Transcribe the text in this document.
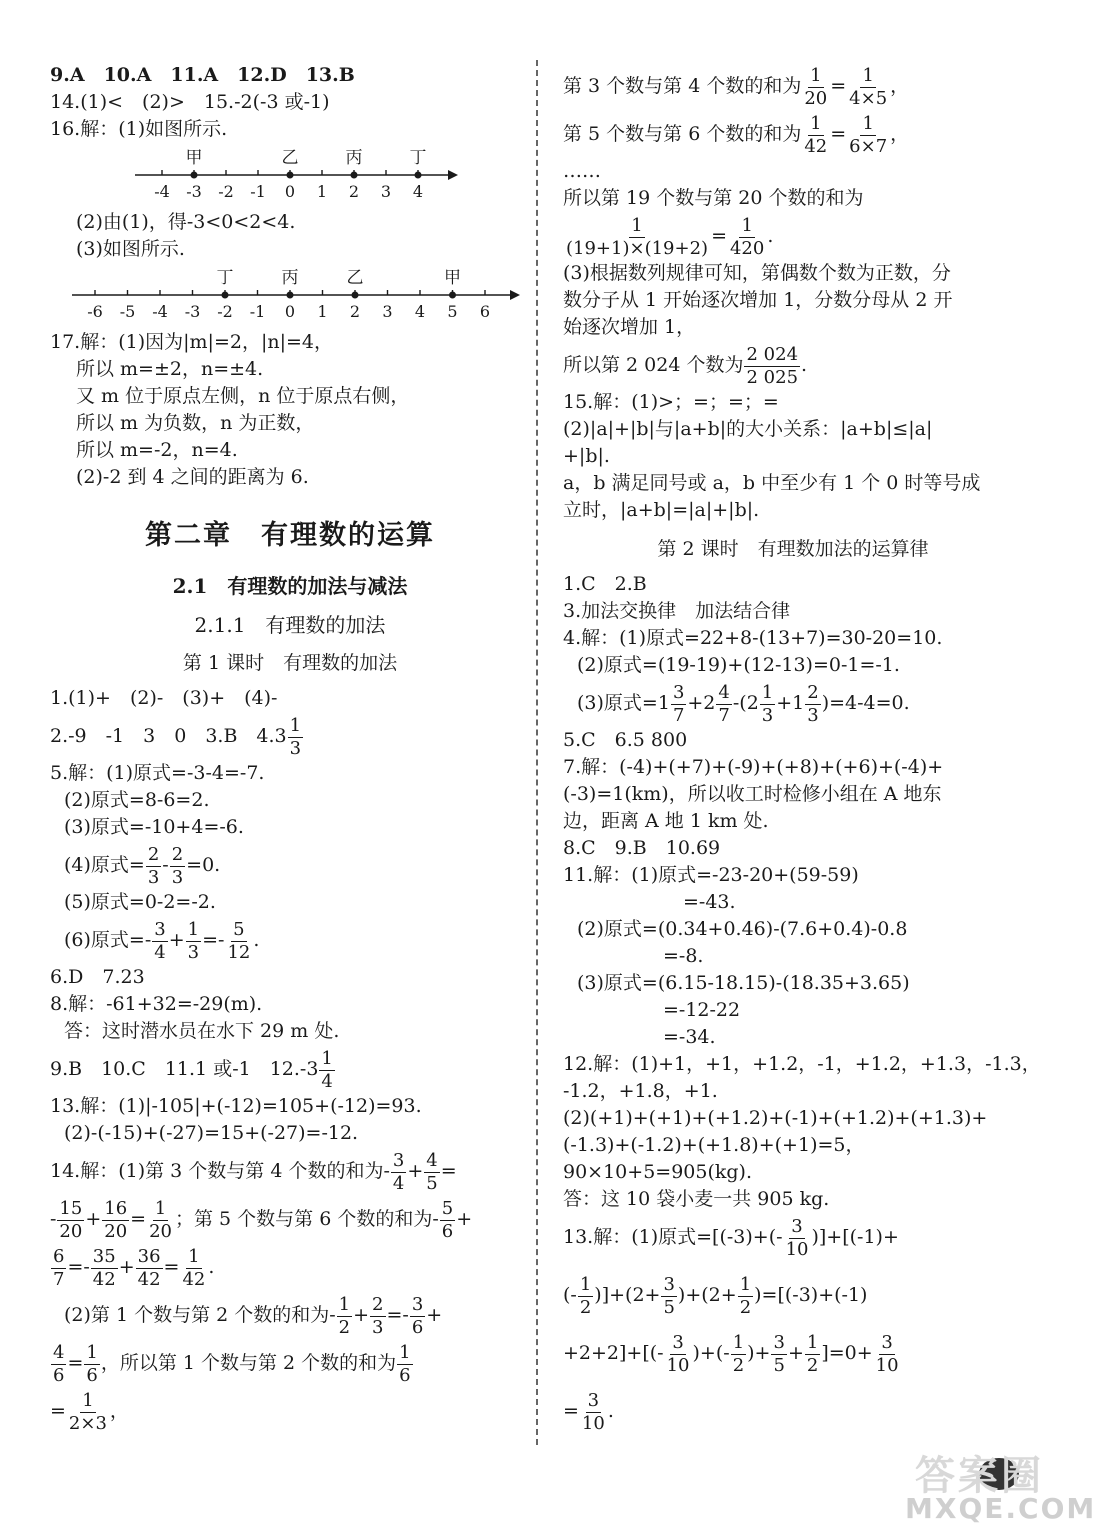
9.A　10.A　11.A　12.D　13.B
14.(1)<　(2)>　15.-2(-3 或-1)
16.解：(1)如图所示.
-4 -3 -2 -1 0 1 2 3 4
甲	乙	丙	丁
(2)由(1)，得-3<0<2<4.
(3)如图所示.
-6 -5 -4 -3 -2 -1 0 1 2 3 4 5 6
丁	丙	乙	甲
17.解：(1)因为|m|=2，|n|=4，
所以 m=±2，n=±4.
又 m 位于原点左侧，n 位于原点右侧，
所以 m 为负数，n 为正数，
所以 m=-2，n=4.
(2)-2 到 4 之间的距离为 6.
第二章　有理数的运算
2.1　有理数的加法与减法
2.1.1　有理数的加法
第 1 课时　有理数的加法
1.(1)+　(2)-　(3)+　(4)-
2.-9　-1　3　0　3.B　$4.3 \frac{1}{3}$
5.解：(1)原式=-3-4=-7.
(2)原式=8-6=2.
(3)原式=-10+4=-6.
(4)原式= $\frac{2}{3} - \frac{2}{3} =0$.
(5)原式=0-2=-2.
(6)原式=- $\frac{3}{4} + \frac{1}{3} =- \frac{5}{12}$ .
6.D　7.23
8.解：-61+32=-29(m).
答：这时潜水员在水下 29 m 处.
9.B　10.C　11.1 或-1　$12.-3 \frac{1}{4}$
13.解：(1)|-105|+(-12)=105+(-12)=93.
(2)-(-15)+(-27)=15+(-27)=-12.
14.解：(1)第 3 个数与第 4 个数的和为- $\frac{3}{4} + \frac{4}{5}$ =
- $\frac{15}{20} + \frac{16}{20} = \frac{1}{20}$ ；第 5 个数与第 6 个数的和为- $\frac{5}{6}$ +
$\frac{6}{7} =- \frac{35}{42} + \frac{36}{42} = \frac{1}{42}$ .
(2)第 1 个数与第 2 个数的和为- $\frac{1}{2} + \frac{2}{3} =- \frac{3}{6}$ +
$\frac{4}{6} = \frac{1}{6}$ ，所以第 1 个数与第 2 个数的和为 $\frac{1}{6}$
= $\frac{1}{2\times 3}$ ，
第 3 个数与第 4 个数的和为 $\frac{1}{20} = \frac{1}{4\times 5}$ ，
第 5 个数与第 6 个数的和为 $\frac{1}{42} = \frac{1}{6\times 7}$ ，
……
所以第 19 个数与第 20 个数的和为
$\frac{1}{(19+1)\times(19+2)} = \frac{1}{420}$ .
(3)根据数列规律可知，第偶数个数为正数，分
数分子从 1 开始逐次增加 1，分数分母从 2 开
始逐次增加 1，
所以第 2 024 个数为 $\frac{2 024}{2 025}$ .
15.解：(1)>；=；=；=
(2)|a|+|b|与|a+b|的大小关系：|a+b|≤|a|
+|b|.
a，b 满足同号或 a，b 中至少有 1 个 0 时等号成
立时，|a+b|=|a|+|b|.
第 2 课时　有理数加法的运算律
1.C　2.B
3.加法交换律　加法结合律
4.解：(1)原式=22+8-(13+7)=30-20=10.
(2)原式=(19-19)+(12-13)=0-1=-1.
(3)原式$=1 \frac{3}{7} +2 \frac{4}{7} -(2 \frac{1}{3} +1 \frac{2}{3} )=4-4=0$.
5.C　6.5 800
7.解：(-4)+(+7)+(-9)+(+8)+(+6)+(-4)+
(-3)=1(km)，所以收工时检修小组在 A 地东
边，距离 A 地 1 km 处.
8.C　9.B　10.69
11.解：(1)原式=-23-20+(59-59)
=-43.
(2)原式=(0.34+0.46)-(7.6+0.4)-0.8
=-8.
(3)原式=(6.15-18.15)-(18.35+3.65)
=-12-22
=-34.
12.解：(1)+1，+1，+1.2，-1，+1.2，+1.3，-1.3，
-1.2，+1.8，+1.
(2)(+1)+(+1)+(+1.2)+(-1)+(+1.2)+(+1.3)+
(-1.3)+(-1.2)+(+1.8)+(+1)=5，
90×10+5=905(kg).
答：这 10 袋小麦一共 905 kg.
13.解：(1)原式$=[(-3)+(- \frac{3}{10} )]+[(-1)+$
(- $\frac{1}{2} )]+(2+ \frac{3}{5} )+(2+ \frac{1}{2} )=[(-3)+(-1)$
$+2+2]+[(- \frac{3}{10}$ )+(- $\frac{1}{2}$ )+ $\frac{3}{5} + \frac{1}{2} ]=0+ \frac{3}{10}$
= $\frac{3}{10}$ .
答案圈
MXQE.COM
